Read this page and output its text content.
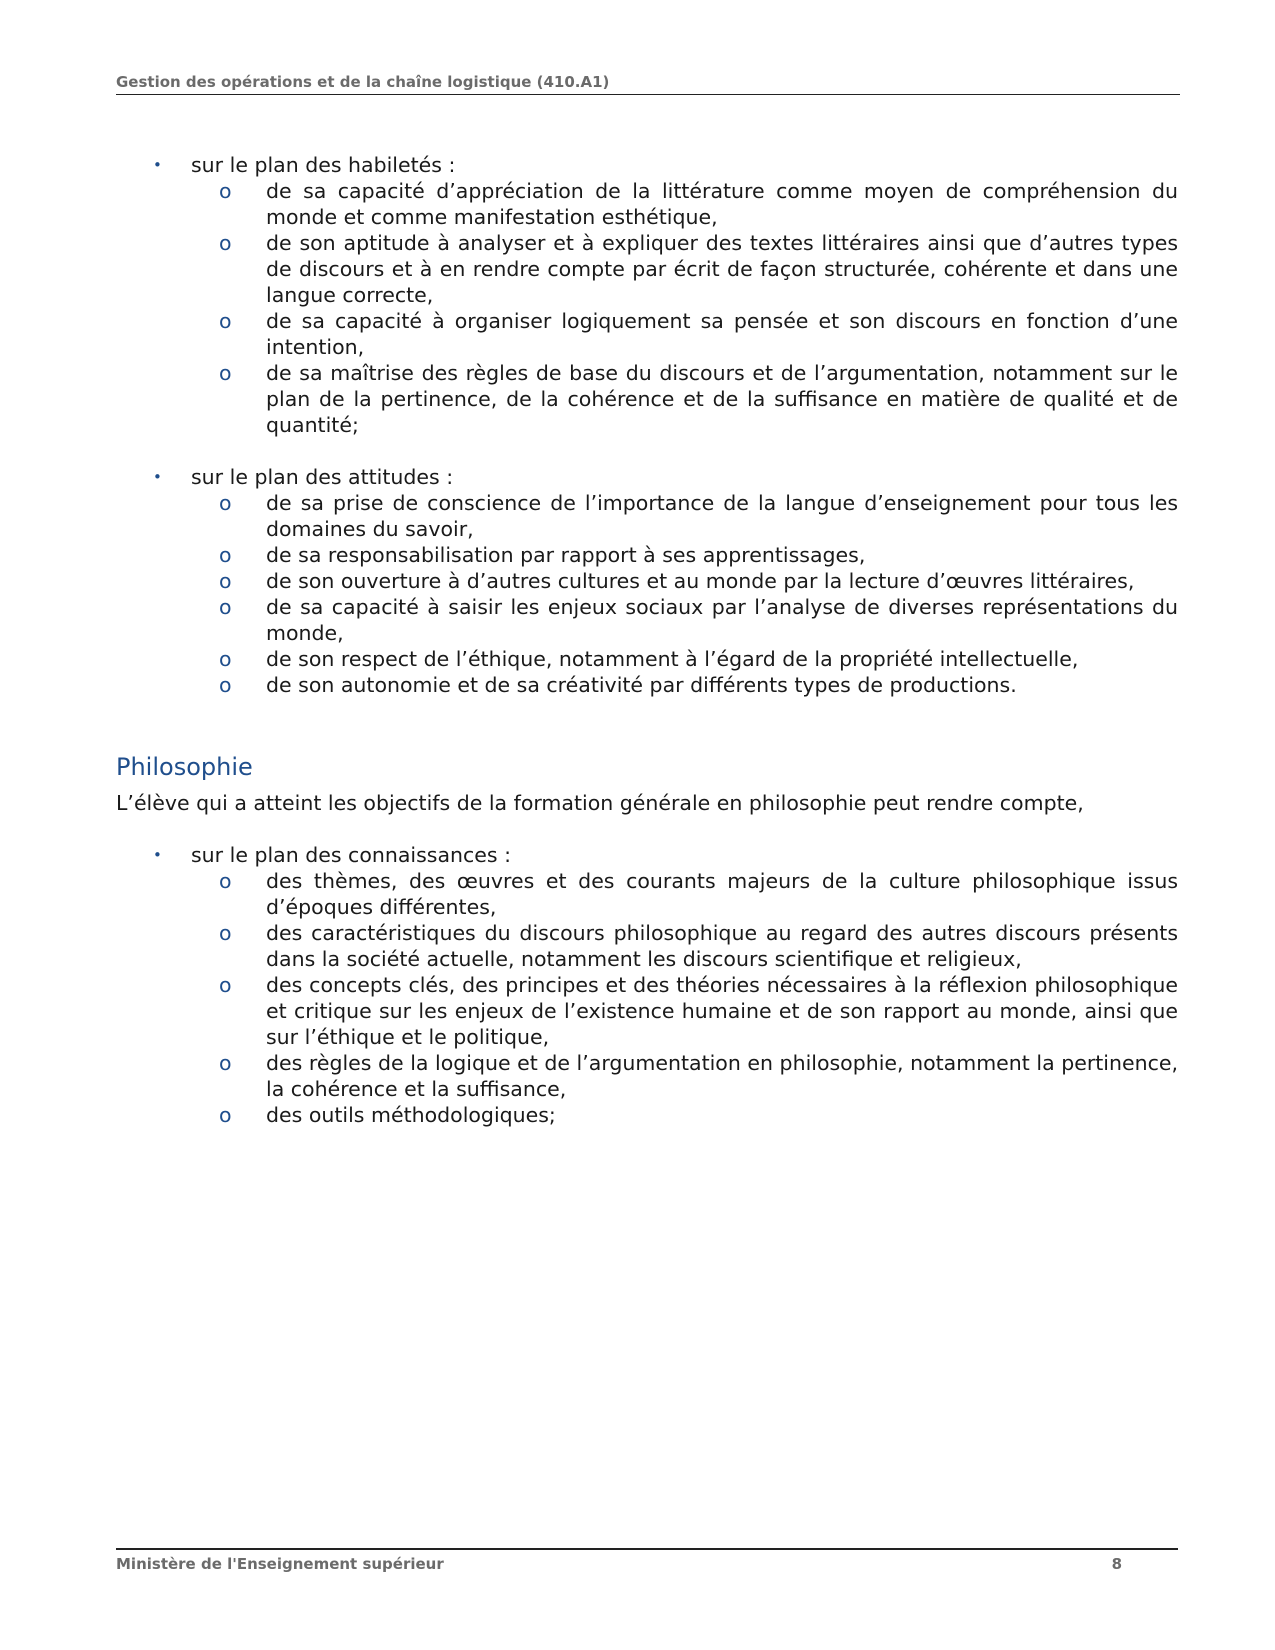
Gestion des opérations et de la chaîne logistique (410.A1)
• sur le plan des habiletés :
o de sa capacité d’appréciation de la littérature comme moyen de compréhension du monde et comme manifestation esthétique,
o de son aptitude à analyser et à expliquer des textes littéraires ainsi que d’autres types de discours et à en rendre compte par écrit de façon structurée, cohérente et dans une langue correcte,
o de sa capacité à organiser logiquement sa pensée et son discours en fonction d’une intention,
o de sa maîtrise des règles de base du discours et de l’argumentation, notamment sur le plan de la pertinence, de la cohérence et de la suffisance en matière de qualité et de quantité;
• sur le plan des attitudes :
o de sa prise de conscience de l’importance de la langue d’enseignement pour tous les domaines du savoir,
o de sa responsabilisation par rapport à ses apprentissages,
o de son ouverture à d’autres cultures et au monde par la lecture d’œuvres littéraires,
o de sa capacité à saisir les enjeux sociaux par l’analyse de diverses représentations du monde,
o de son respect de l’éthique, notamment à l’égard de la propriété intellectuelle,
o de son autonomie et de sa créativité par différents types de productions.
Philosophie
L’élève qui a atteint les objectifs de la formation générale en philosophie peut rendre compte,
• sur le plan des connaissances :
o des thèmes, des œuvres et des courants majeurs de la culture philosophique issus d’époques différentes,
o des caractéristiques du discours philosophique au regard des autres discours présents dans la société actuelle, notamment les discours scientifique et religieux,
o des concepts clés, des principes et des théories nécessaires à la réflexion philosophique et critique sur les enjeux de l’existence humaine et de son rapport au monde, ainsi que sur l’éthique et le politique,
o des règles de la logique et de l’argumentation en philosophie, notamment la pertinence, la cohérence et la suffisance,
o des outils méthodologiques;
Ministère de l'Enseignement supérieur	8
